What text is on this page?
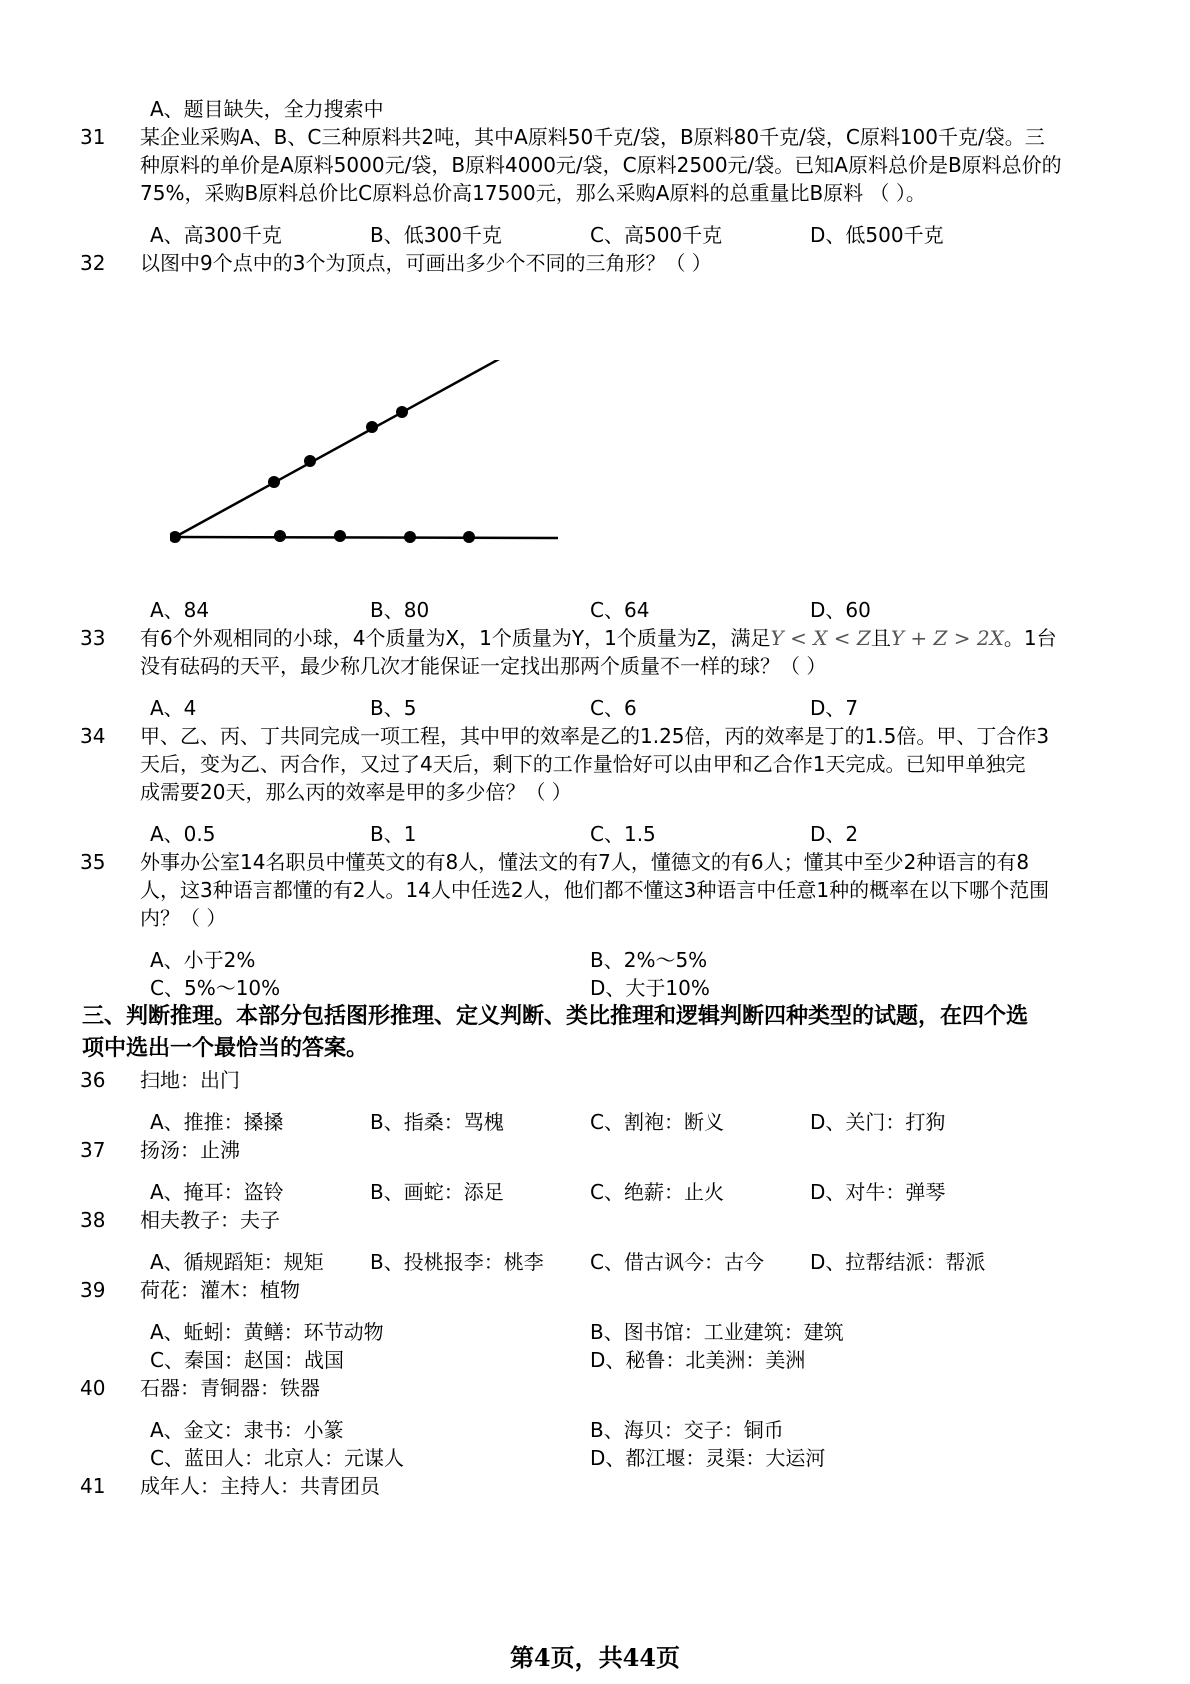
A、题目缺失，全力搜索中
31 某企业采购A、B、C三种原料共2吨，其中A原料50千克/袋，B原料80千克/袋，C原料100千克/袋。三
种原料的单价是A原料5000元/袋，B原料4000元/袋，C原料2500元/袋。已知A原料总价是B原料总价的
75%，采购B原料总价比C原料总价高17500元，那么采购A原料的总重量比B原料 （ ）。
A、高300千克	B、低300千克	C、高500千克	D、低500千克
32 以图中9个点中的3个为顶点，可画出多少个不同的三角形？（ ）
A、84	B、80	C、64	D、60
33 有6个外观相同的小球，4个质量为X，1个质量为Y，1个质量为Z，满足Y < X < Z且Y + Z > 2X。1台
没有砝码的天平，最少称几次才能保证一定找出那两个质量不一样的球？（ ）
A、4	B、5	C、6	D、7
34 甲、乙、丙、丁共同完成一项工程，其中甲的效率是乙的1.25倍，丙的效率是丁的1.5倍。甲、丁合作3
天后，变为乙、丙合作，又过了4天后，剩下的工作量恰好可以由甲和乙合作1天完成。已知甲单独完
成需要20天，那么丙的效率是甲的多少倍？（ ）
A、0.5	B、1	C、1.5	D、2
35 外事办公室14名职员中懂英文的有8人，懂法文的有7人，懂德文的有6人；懂其中至少2种语言的有8
人，这3种语言都懂的有2人。14人中任选2人，他们都不懂这3种语言中任意1种的概率在以下哪个范围
内？（ ）
A、小于2%	B、2%～5%
C、5%～10%	D、大于10%
三、判断推理。本部分包括图形推理、定义判断、类比推理和逻辑判断四种类型的试题，在四个选
项中选出一个最恰当的答案。
36 扫地：出门
A、推推：搡搡	B、指桑：骂槐	C、割袍：断义	D、关门：打狗
37 扬汤：止沸
A、掩耳：盗铃	B、画蛇：添足	C、绝薪：止火	D、对牛：弹琴
38 相夫教子：夫子
A、循规蹈矩：规矩 B、投桃报李：桃李 C、借古讽今：古今 D、拉帮结派：帮派
39 荷花：灌木：植物
A、蚯蚓：黄鳝：环节动物	B、图书馆：工业建筑：建筑
C、秦国：赵国：战国	D、秘鲁：北美洲：美洲
40 石器：青铜器：铁器
A、金文：隶书：小篆	B、海贝：交子：铜币
C、蓝田人：北京人：元谋人	D、都江堰：灵渠：大运河
41 成年人：主持人：共青团员
第4页，共44页
